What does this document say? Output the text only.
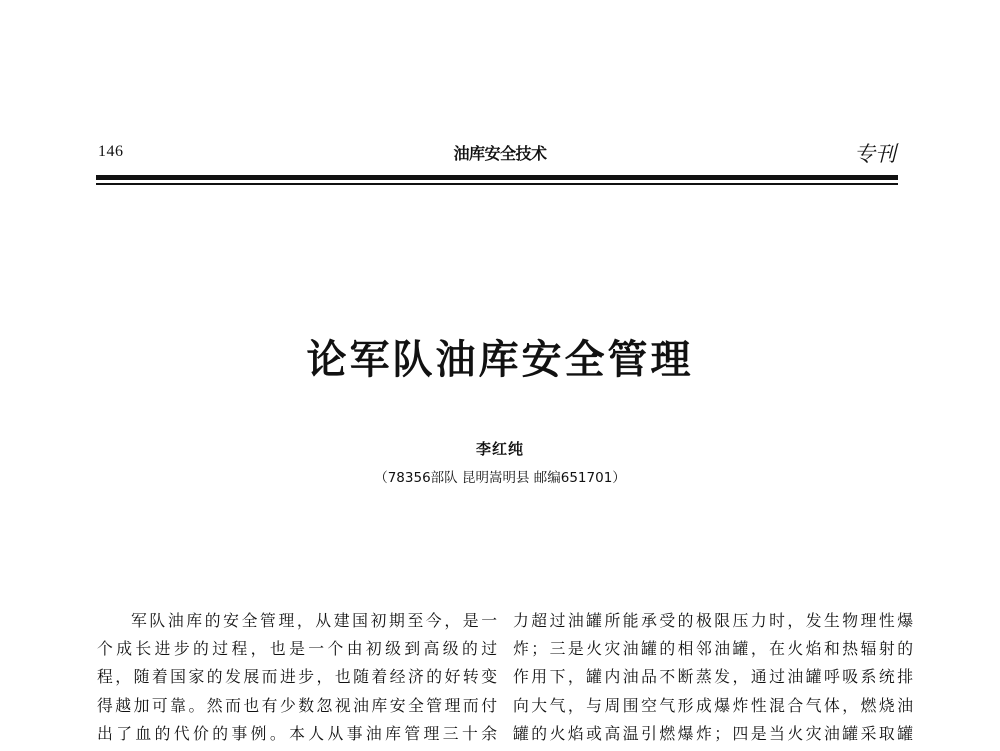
146	油库安全技术	专刊
论军队油库安全管理
李红纯
（78356部队 昆明嵩明县 邮编651701）
军队油库的安全管理，从建国初期至今，是一
个成长进步的过程，也是一个由初级到高级的过
程，随着国家的发展而进步，也随着经济的好转变
得越加可靠。然而也有少数忽视油库安全管理而付
出了血的代价的事例。本人从事油库管理三十余
力超过油罐所能承受的极限压力时，发生物理性爆
炸；三是火灾油罐的相邻油罐，在火焰和热辐射的
作用下，罐内油品不断蒸发，通过油罐呼吸系统排
向大气，与周围空气形成爆炸性混合气体，燃烧油
罐的火焰或高温引燃爆炸；四是当火灾油罐采取罐
